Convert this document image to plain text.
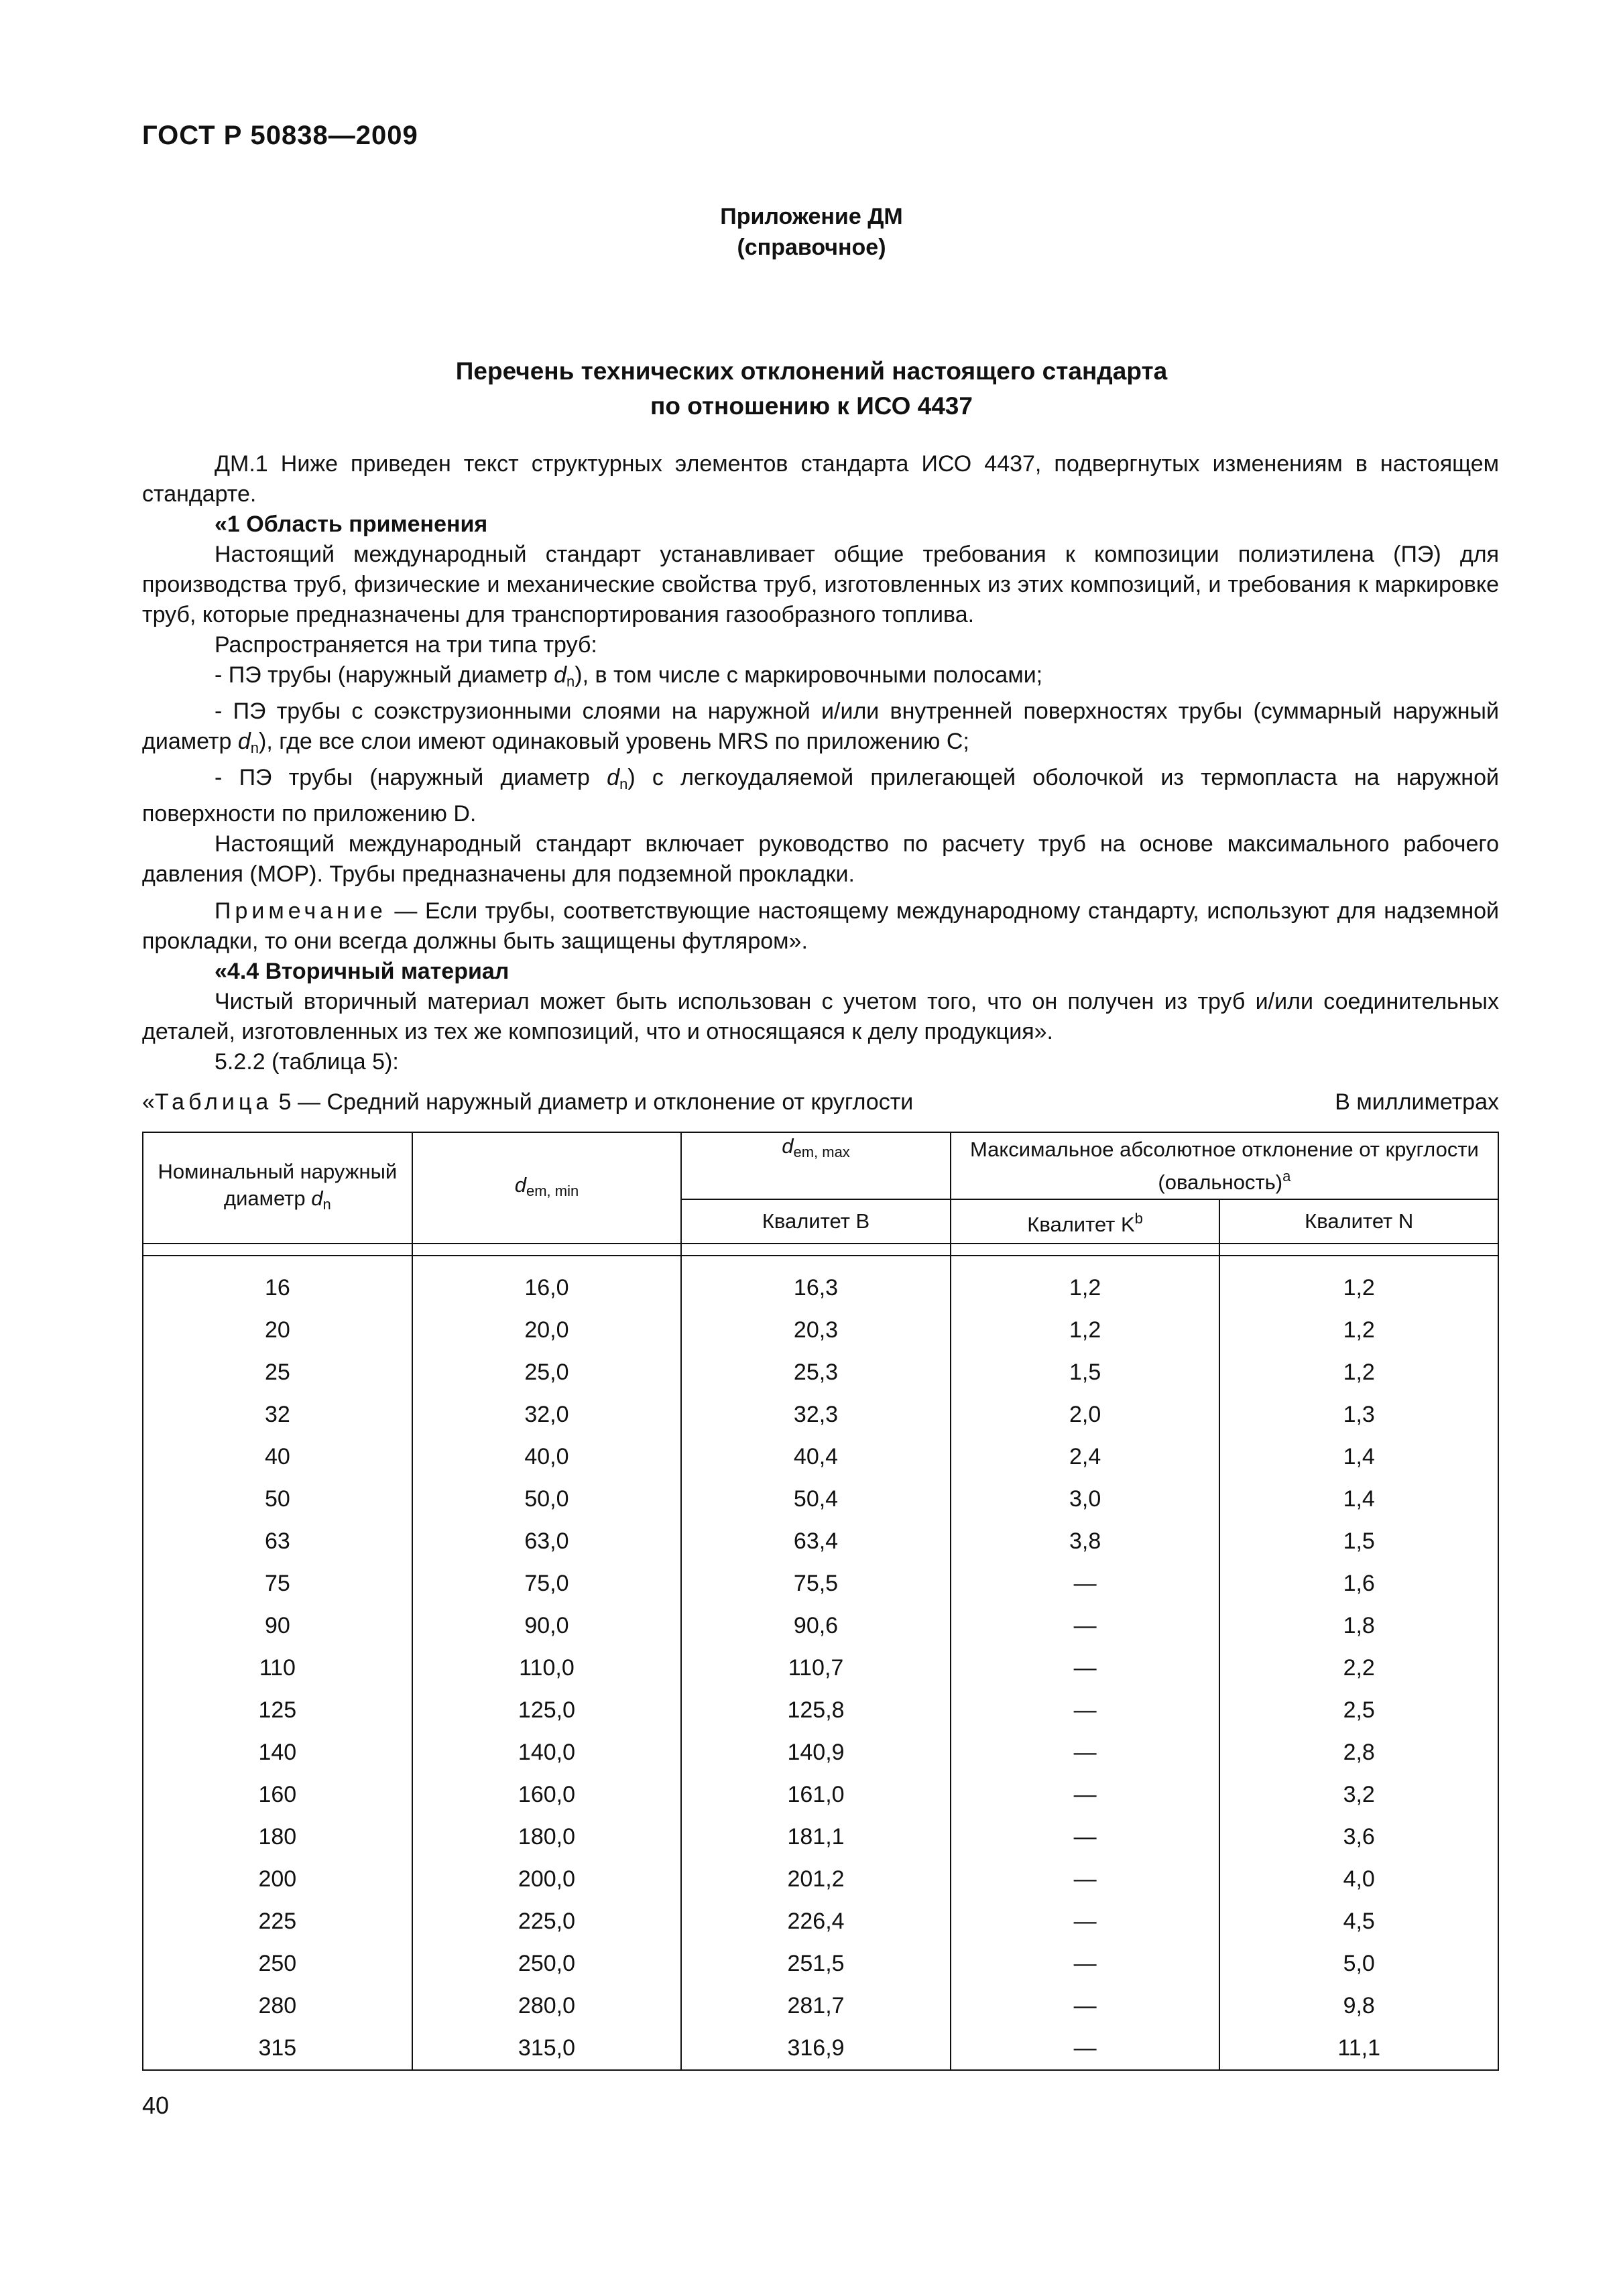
ГОСТ Р 50838—2009
Приложение ДМ
(справочное)
Перечень технических отклонений настоящего стандарта
по отношению к ИСО 4437

ДМ.1 Ниже приведен текст структурных элементов стандарта ИСО 4437, подвергнутых изменениям в настоящем стандарте.

«1 Область применения

Настоящий международный стандарт устанавливает общие требования к композиции полиэтилена (ПЭ) для производства труб, физические и механические свойства труб, изготовленных из этих композиций, и требования к маркировке труб, которые предназначены для транспортирования газообразного топлива.

Распространяется на три типа труб:

- ПЭ трубы (наружный диаметр $d_n$), в том числе с маркировочными полосами;

- ПЭ трубы с соэкструзионными слоями на наружной и/или внутренней поверхностях трубы (суммарный наружный диаметр $d_n$), где все слои имеют одинаковый уровень MRS по приложению С;

- ПЭ трубы (наружный диаметр $d_n$) с легкоудаляемой прилегающей оболочкой из термопласта на наружной поверхности по приложению D.

Настоящий международный стандарт включает руководство по расчету труб на основе максимального рабочего давления (МОР). Трубы предназначены для подземной прокладки.

Примечание — Если трубы, соответствующие настоящему международному стандарту, используют для надземной прокладки, то они всегда должны быть защищены футляром».

«4.4 Вторичный материал

Чистый вторичный материал может быть использован с учетом того, что он получен из труб и/или соединительных деталей, изготовленных из тех же композиций, что и относящаяся к делу продукция».

5.2.2 (таблица 5):

«Таблица 5 — Средний наружный диаметр и отклонение от круглости	В миллиметрах
Номинальный наружный диаметр $d_n$	$d_{em, min}$	$d_{em, max}$	Максимальное абсолютное отклонение от круглости (овальность)$^a$
		Квалитет B	Квалитет $K^b$	Квалитет N

16	16,0	16,3	1,2	1,2
20	20,0	20,3	1,2	1,2
25	25,0	25,3	1,5	1,2
32	32,0	32,3	2,0	1,3
40	40,0	40,4	2,4	1,4
50	50,0	50,4	3,0	1,4
63	63,0	63,4	3,8	1,5
75	75,0	75,5	—	1,6
90	90,0	90,6	—	1,8
110	110,0	110,7	—	2,2
125	125,0	125,8	—	2,5
140	140,0	140,9	—	2,8
160	160,0	161,0	—	3,2
180	180,0	181,1	—	3,6
200	200,0	201,2	—	4,0
225	225,0	226,4	—	4,5
250	250,0	251,5	—	5,0
280	280,0	281,7	—	9,8
315	315,0	316,9	—	11,1
40
